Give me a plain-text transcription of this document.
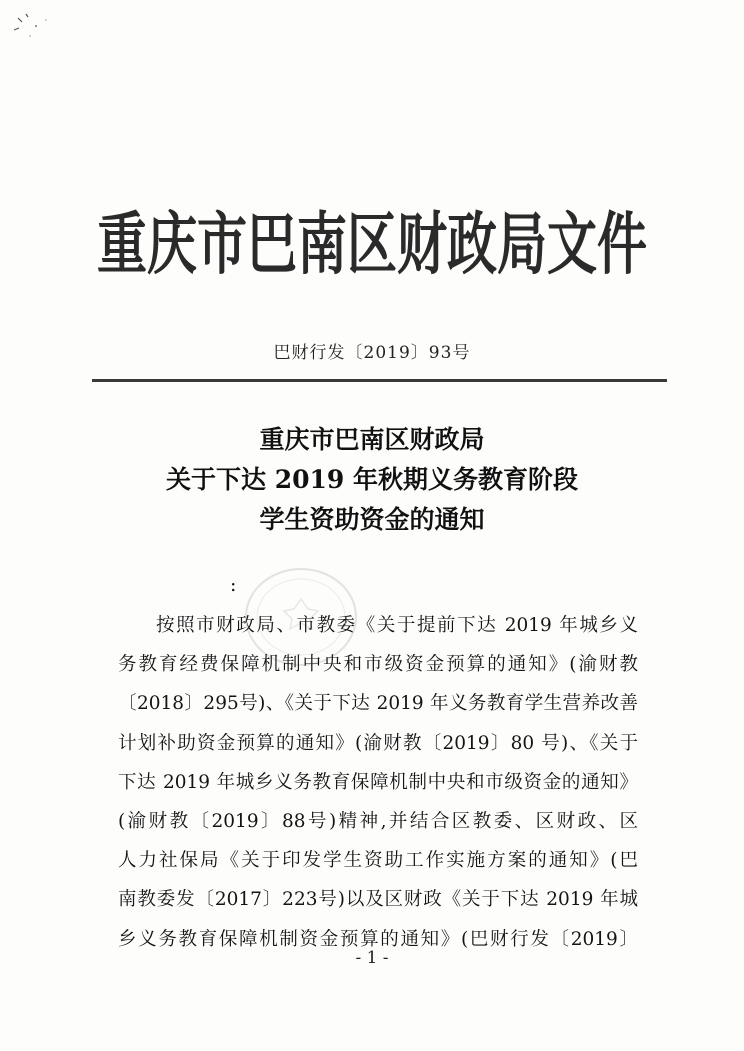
重庆市巴南区财政局文件
巴财行发〔2019〕93号
重庆市巴南区财政局
关于下达 2019 年秋期义务教育阶段
学生资助资金的通知
:
按照市财政局、市教委《关于提前下达 2019 年城乡义
务教育经费保障机制中央和市级资金预算的通知》(渝财教
〔2018〕295号)、《关于下达 2019 年义务教育学生营养改善
计划补助资金预算的通知》(渝财教〔2019〕80 号)、《关于
下达 2019 年城乡义务教育保障机制中央和市级资金的通知》
(渝财教〔2019〕88号)精神,并结合区教委、区财政、区
人力社保局《关于印发学生资助工作实施方案的通知》(巴
南教委发〔2017〕223号)以及区财政《关于下达 2019 年城
乡义务教育保障机制资金预算的通知》(巴财行发〔2019〕
- 1 -
